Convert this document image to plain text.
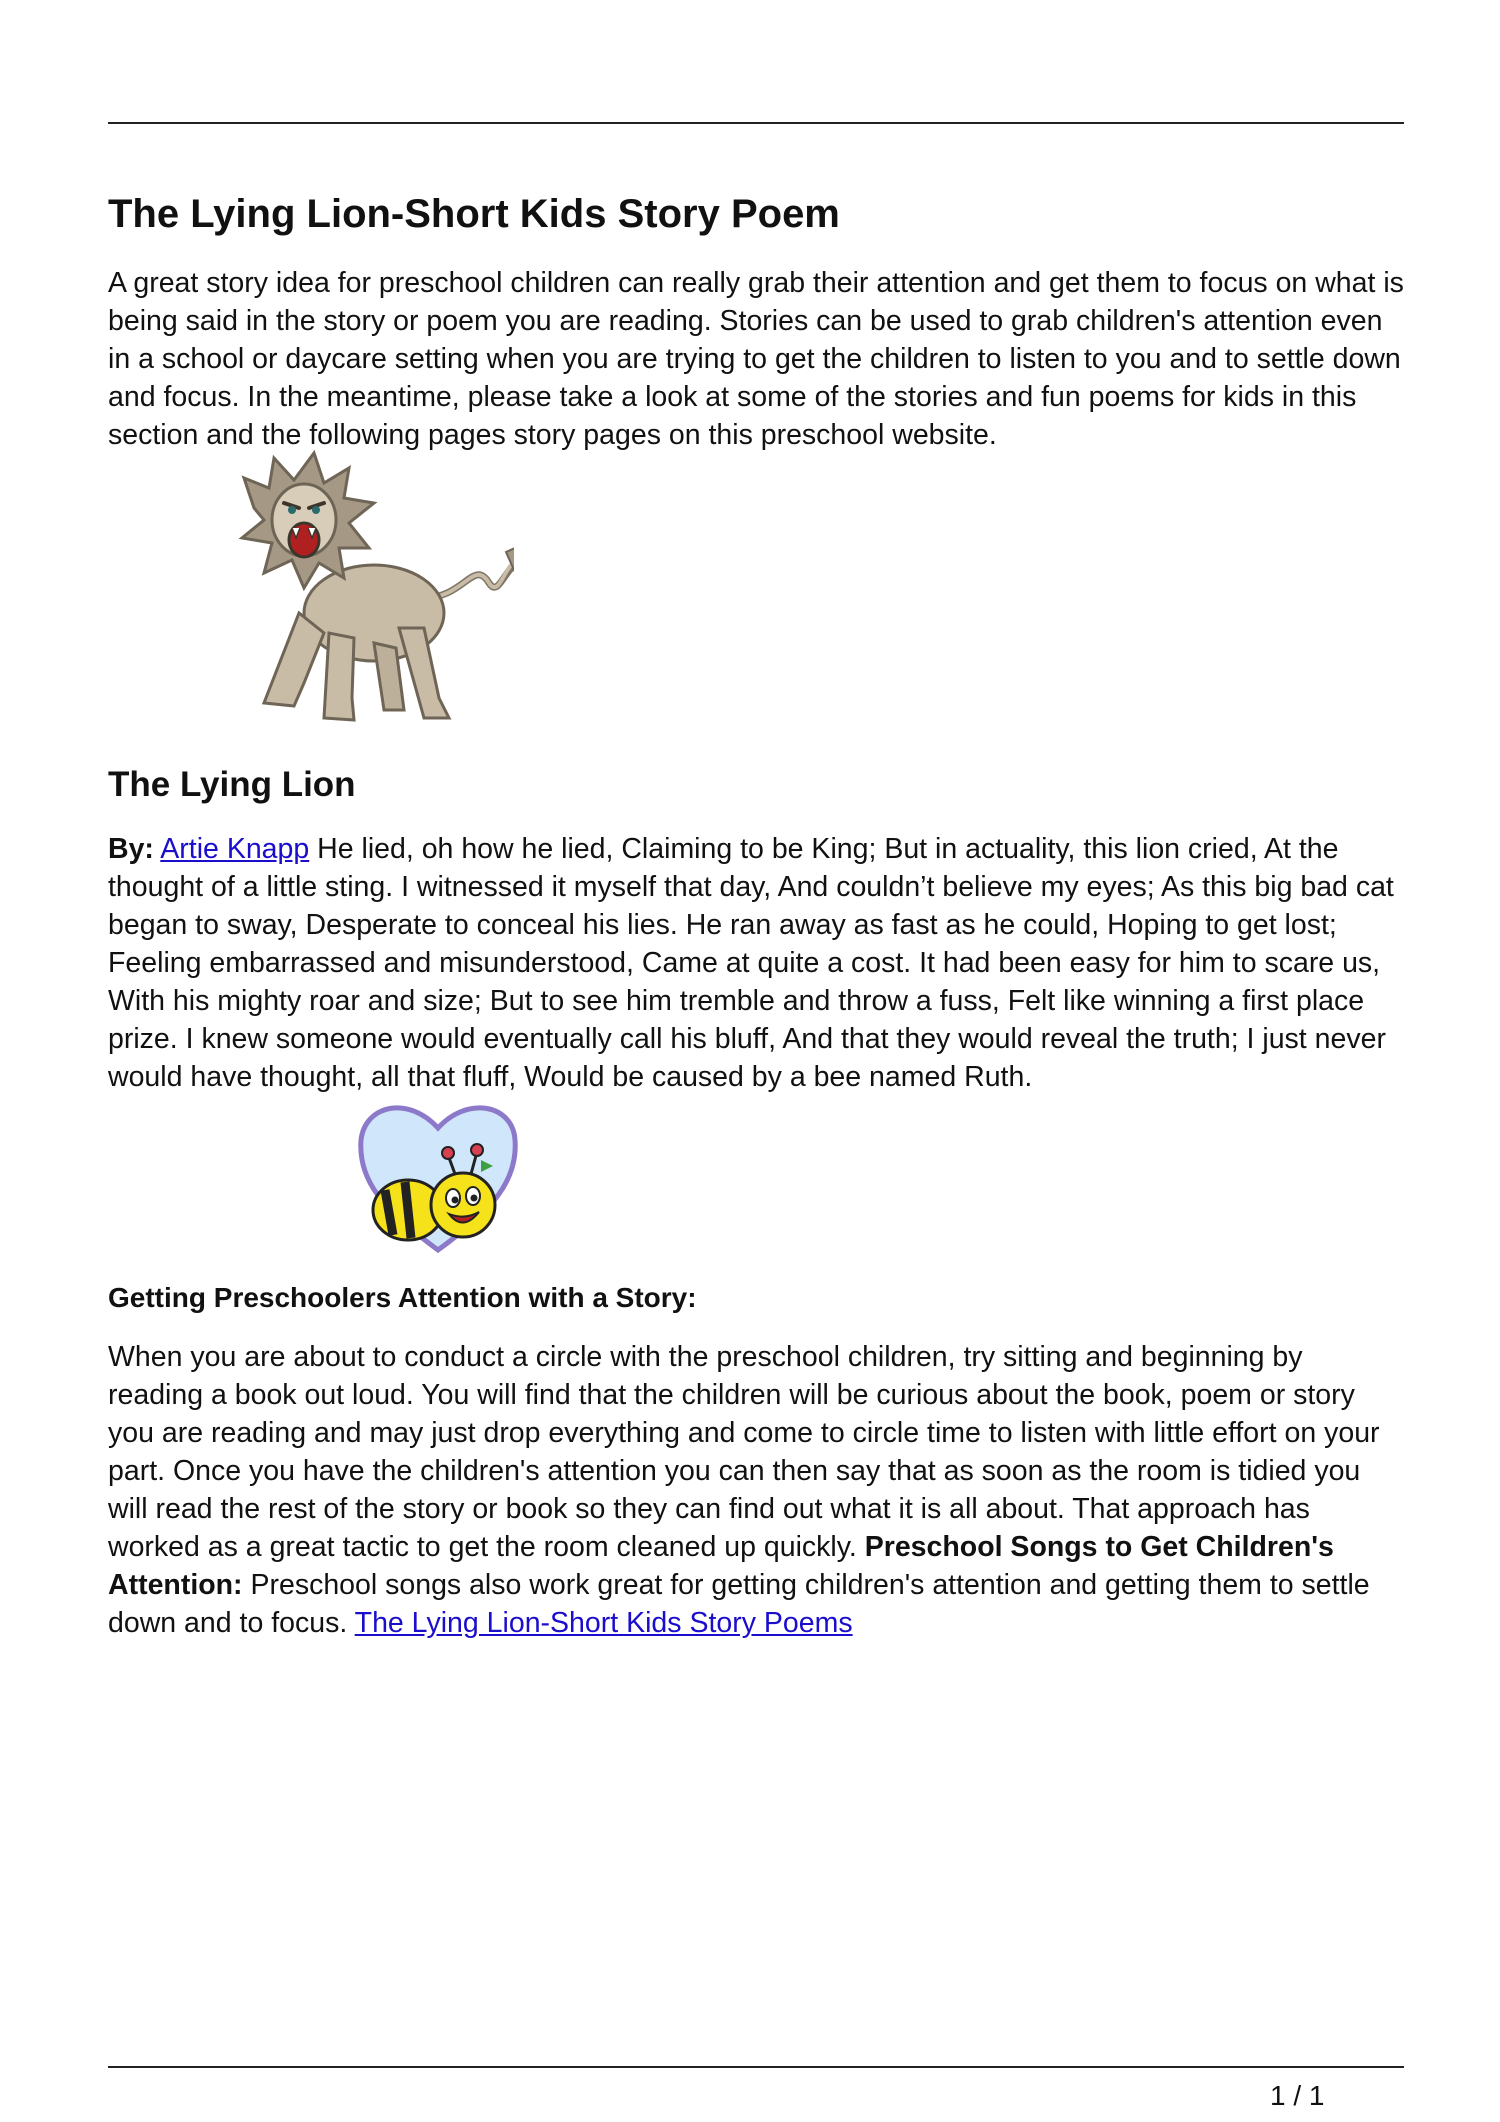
The Lying Lion-Short Kids Story Poem

A great story idea for preschool children can really grab their attention and get them to focus on what is being said in the story or poem you are reading. Stories can be used to grab children's attention even in a school or daycare setting when you are trying to get the children to listen to you and to settle down and focus. In the meantime, please take a look at some of the stories and fun poems for kids in this section and the following pages story pages on this preschool website.

The Lying Lion

By: Artie Knapp He lied, oh how he lied, Claiming to be King; But in actuality, this lion cried, At the thought of a little sting. I witnessed it myself that day, And couldn’t believe my eyes; As this big bad cat began to sway, Desperate to conceal his lies. He ran away as fast as he could, Hoping to get lost; Feeling embarrassed and misunderstood, Came at quite a cost. It had been easy for him to scare us, With his mighty roar and size; But to see him tremble and throw a fuss, Felt like winning a first place prize. I knew someone would eventually call his bluff, And that they would reveal the truth; I just never would have thought, all that fluff, Would be caused by a bee named Ruth.

Getting Preschoolers Attention with a Story:

When you are about to conduct a circle with the preschool children, try sitting and beginning by reading a book out loud. You will find that the children will be curious about the book, poem or story you are reading and may just drop everything and come to circle time to listen with little effort on your part. Once you have the children's attention you can then say that as soon as the room is tidied you will read the rest of the story or book so they can find out what it is all about. That approach has worked as a great tactic to get the room cleaned up quickly. Preschool Songs to Get Children's Attention: Preschool songs also work great for getting children's attention and getting them to settle down and to focus. The Lying Lion-Short Kids Story Poems

1 / 1
